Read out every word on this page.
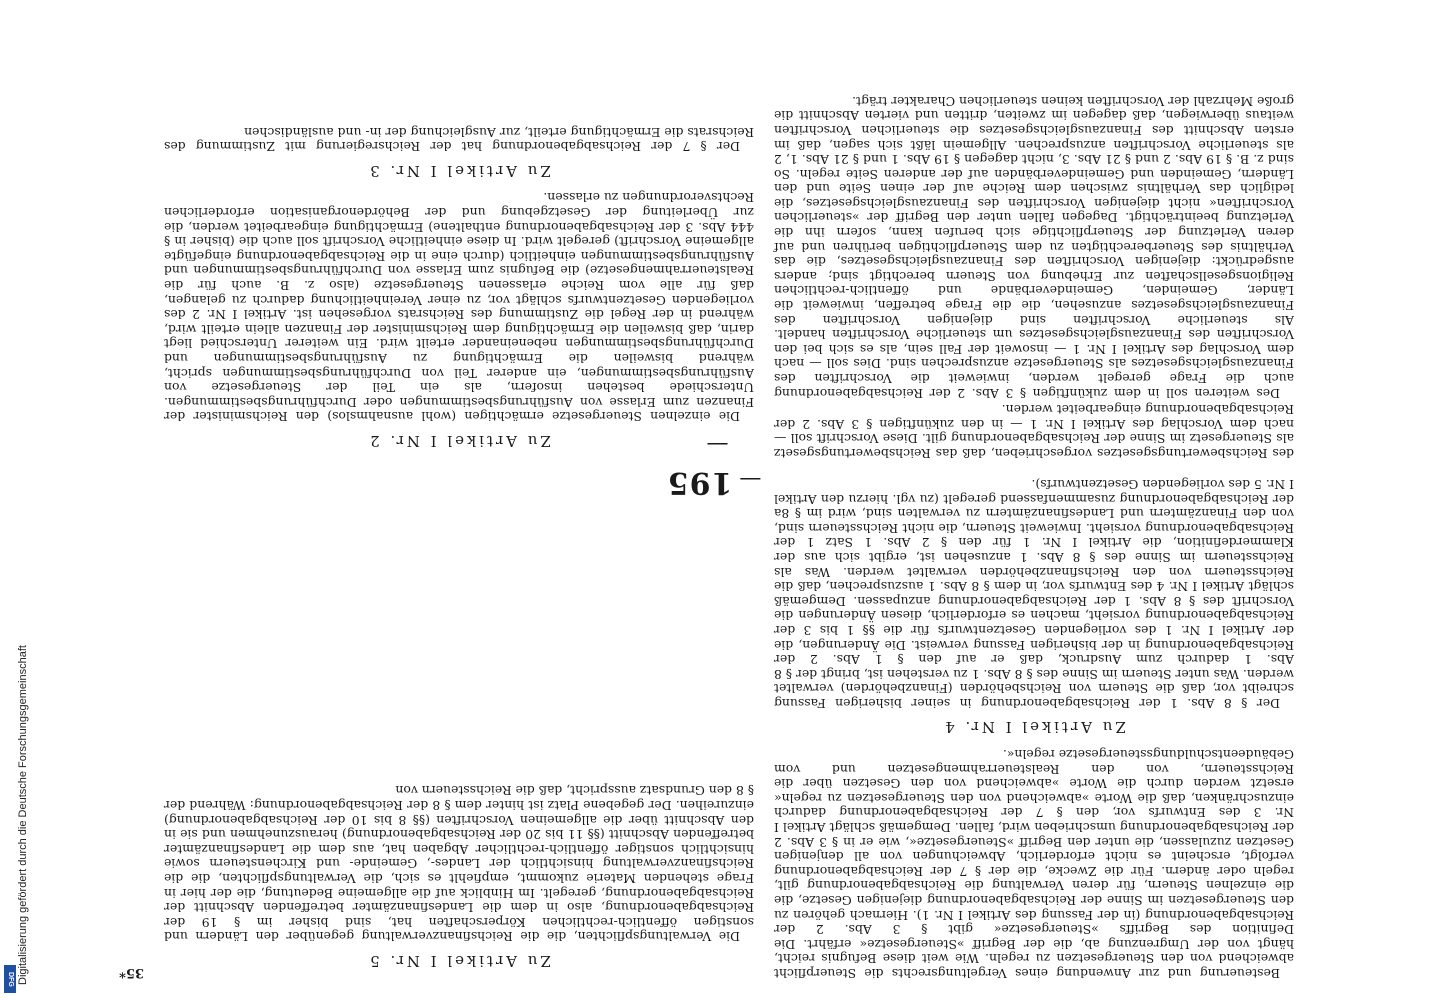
—195—

Besteuerung und zur Anwendung eines Vergeltungsrechts die Steuerpflicht abweichend von den Steuergesetzen zu regeln. Wie weit diese Befugnis reicht, hängt von der Umgrenzung ab, die der Begriff »Steuergesetze« erfährt. Die Definition des Begriffs »Steuergesetze« gibt § 3 Abs. 2 der Reichsabgabenordnung (in der Fassung des Artikel I Nr. 1). Hiernach gehören zu den Steuergesetzen im Sinne der Reichsabgabenordnung diejenigen Gesetze, die die einzelnen Steuern, für deren Verwaltung die Reichsabgabenordnung gilt, regeln oder ändern. Für die Zwecke, die der § 7 der Reichsabgabenordnung verfolgt, erscheint es nicht erforderlich, Abweichungen von all denjenigen Gesetzen zuzulassen, die unter den Begriff »Steuergesetze«, wie er in § 3 Abs. 2 der Reichsabgabenordnung umschrieben wird, fallen. Demgemäß schlägt Artikel I Nr. 3 des Entwurfs vor, den § 7 der Reichsabgabenordnung dadurch einzuschränken, daß die Worte »abweichend von den Steuergesetzen zu regeln« ersetzt werden durch die Worte »abweichend von den Gesetzen über die Reichssteuern, von den Realsteuerrahmengesetzen und vom Gebäudeentschuldungssteuergesetze regeln«.

Zu Artikel I Nr. 4

Der § 8 Abs. 1 der Reichsabgabenordnung in seiner bisherigen Fassung schreibt vor, daß die Steuern von Reichsbehörden (Finanzbehörden) verwaltet werden. Was unter Steuern im Sinne des § 8 Abs. 1 zu verstehen ist, bringt der § 8 Abs. 1 dadurch zum Ausdruck, daß er auf den § 1 Abs. 2 der Reichsabgabenordnung in der bisherigen Fassung verweist. Die Änderungen, die der Artikel I Nr. 1 des vorliegenden Gesetzentwurfs für die §§ 1 bis 3 der Reichsabgabenordnung vorsieht, machen es erforderlich, diesen Änderungen die Vorschrift des § 8 Abs. 1 der Reichsabgabenordnung anzupassen. Demgemäß schlägt Artikel I Nr. 4 des Entwurfs vor, in dem § 8 Abs. 1 auszusprechen, daß die Reichssteuern von den Reichsfinanzbehörden verwaltet werden. Was als Reichssteuern im Sinne des § 8 Abs. 1 anzusehen ist, ergibt sich aus der Klammerdefinition, die Artikel I Nr. 1 für den § 2 Abs. 1 Satz 1 der Reichsabgabenordnung vorsieht. Inwieweit Steuern, die nicht Reichssteuern sind, von den Finanzämtern und Landesfinanzämtern zu verwalten sind, wird im § 8a der Reichsabgabenordnung zusammenfassend geregelt (zu vgl. hierzu den Artikel I Nr. 5 des vorliegenden Gesetzentwurfs).

Zu Artikel I Nr. 5

Die Verwaltungspflichten, die die Reichsfinanzverwaltung gegenüber den Ländern und sonstigen öffentlich-rechtlichen Körperschaften hat, sind bisher im § 19 der Reichsabgabenordnung, also in dem die Landesfinanzämter betreffenden Abschnitt der Reichsabgabenordnung, geregelt. Im Hinblick auf die allgemeine Bedeutung, die der hier in Frage stehenden Materie zukommt, empfiehlt es sich, die Verwaltungspflichten, die die Reichsfinanzverwaltung hinsichtlich der Landes-, Gemeinde- und Kirchensteuern sowie hinsichtlich sonstiger öffentlich-rechtlicher Abgaben hat, aus dem die Landesfinanzämter betreffenden Abschnitt (§§ 11 bis 20 der Reichsabgabenordnung) herauszunehmen und sie in den Abschnitt über die allgemeinen Vorschriften (§§ 8 bis 10 der Reichsabgabenordnung) einzureihen. Der gegebene Platz ist hinter dem § 8 der Reichsabgabenordnung: Während der § 8 den Grundsatz ausspricht, daß die Reichssteuern von

des Reichsbewertungsgesetzes vorgeschrieben, daß das Reichsbewertungsgesetz als Steuergesetz im Sinne der Reichsabgabenordnung gilt. Diese Vorschrift soll — nach dem Vorschlag des Artikel I Nr. 1 — in den zukünftigen § 3 Abs. 2 der Reichsabgabenordnung eingearbeitet werden.

Des weiteren soll in dem zukünftigen § 3 Abs. 2 der Reichsabgabenordnung auch die Frage geregelt werden, inwieweit die Vorschriften des Finanzausgleichsgesetzes als Steuergesetze anzusprechen sind. Dies soll — nach dem Vorschlag des Artikel I Nr. 1 — insoweit der Fall sein, als es sich bei den Vorschriften des Finanzausgleichsgesetzes um steuerliche Vorschriften handelt. Als steuerliche Vorschriften sind diejenigen Vorschriften des Finanzausgleichsgesetzes anzusehen, die die Frage betreffen, inwieweit die Länder, Gemeinden, Gemeindeverbände und öffentlich-rechtlichen Religionsgesellschaften zur Erhebung von Steuern berechtigt sind; anders ausgedrückt: diejenigen Vorschriften des Finanzausgleichsgesetzes, die das Verhältnis des Steuerberechtigten zu dem Steuerpflichtigen berühren und auf deren Verletzung der Steuerpflichtige sich berufen kann, sofern ihn die Verletzung beeinträchtigt. Dagegen fallen unter den Begriff der »steuerlichen Vorschriften« nicht diejenigen Vorschriften des Finanzausgleichsgesetzes, die lediglich das Verhältnis zwischen dem Reiche auf der einen Seite und den Ländern, Gemeinden und Gemeindeverbänden auf der anderen Seite regeln. So sind z. B. § 19 Abs. 2 und § 21 Abs. 3, nicht dagegen § 19 Abs. 1 und § 21 Abs. 1, 2 als steuerliche Vorschriften anzusprechen. Allgemein läßt sich sagen, daß im ersten Abschnitt des Finanzausgleichsgesetzes die steuerlichen Vorschriften weitaus überwiegen, daß dagegen im zweiten, dritten und vierten Abschnitt die große Mehrzahl der Vorschriften keinen steuerlichen Charakter trägt.

Zu Artikel I Nr. 2

Die einzelnen Steuergesetze ermächtigen (wohl ausnahmslos) den Reichsminister der Finanzen zum Erlasse von Ausführungsbestimmungen oder Durchführungsbestimmungen. Unterschiede bestehen insofern, als ein Teil der Steuergesetze von Ausführungsbestimmungen, ein anderer Teil von Durchführungsbestimmungen spricht, während bisweilen die Ermächtigung zu Ausführungsbestimmungen und Durchführungsbestimmungen nebeneinander erteilt wird. Ein weiterer Unterschied liegt darin, daß bisweilen die Ermächtigung dem Reichsminister der Finanzen allein erteilt wird, während in der Regel die Zustimmung des Reichsrats vorgesehen ist. Artikel I Nr. 2 des vorliegenden Gesetzentwurfs schlägt vor, zu einer Vereinheitlichung dadurch zu gelangen, daß für alle vom Reiche erlassenen Steuergesetze (also z. B. auch für die Realsteuerrahmengesetze) die Befugnis zum Erlasse von Durchführungsbestimmungen und Ausführungsbestimmungen einheitlich (durch eine in die Reichsabgabenordnung eingefügte allgemeine Vorschrift) geregelt wird. In diese einheitliche Vorschrift soll auch die (bisher in § 444 Abs. 3 der Reichsabgabenordnung enthaltene) Ermächtigung eingearbeitet werden, die zur Überleitung der Gesetzgebung und der Behördenorganisation erforderlichen Rechtsverordnungen zu erlassen.

Zu Artikel I Nr. 3

Der § 7 der Reichsabgabenordnung hat der Reichsregierung mit Zustimmung des Reichsrats die Ermächtigung erteilt, zur Ausgleichung der in- und ausländischen

35*
Digitalisierung gefördert durch die Deutsche Forschungsgemeinschaft
DFG
